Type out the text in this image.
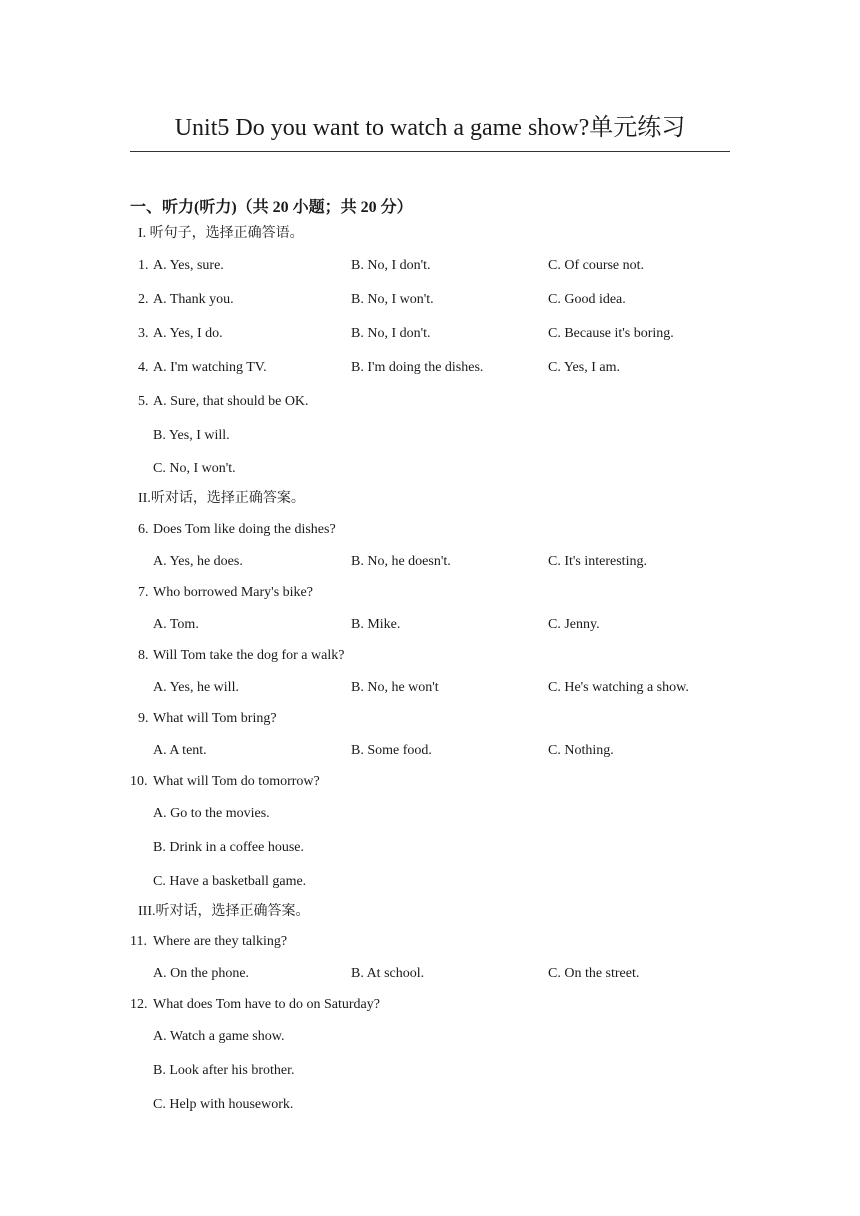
Unit5 Do you want to watch a game show?单元练习
一、听力(听力)（共 20 小题；共 20 分）
I. 听句子，选择正确答语。
1. A. Yes, sure.	B. No, I don't.	C. Of course not.
2. A. Thank you.	B. No, I won't.	C. Good idea.
3. A. Yes, I do.	B. No, I don't.	C. Because it's boring.
4. A. I'm watching TV.	B. I'm doing the dishes.	C. Yes, I am.
5. A. Sure, that should be OK.
B. Yes, I will.
C. No, I won't.
II.听对话，选择正确答案。
6. Does Tom like doing the dishes?
A. Yes, he does.	B. No, he doesn't.	C. It's interesting.
7. Who borrowed Mary's bike?
A. Tom.	B. Mike.	C. Jenny.
8. Will Tom take the dog for a walk?
A. Yes, he will.	B. No, he won't	C. He's watching a show.
9. What will Tom bring?
A. A tent.	B. Some food.	C. Nothing.
10. What will Tom do tomorrow?
A. Go to the movies.
B. Drink in a coffee house.
C. Have a basketball game.
III.听对话，选择正确答案。
11. Where are they talking?
A. On the phone.	B. At school.	C. On the street.
12. What does Tom have to do on Saturday?
A. Watch a game show.
B. Look after his brother.
C. Help with housework.
